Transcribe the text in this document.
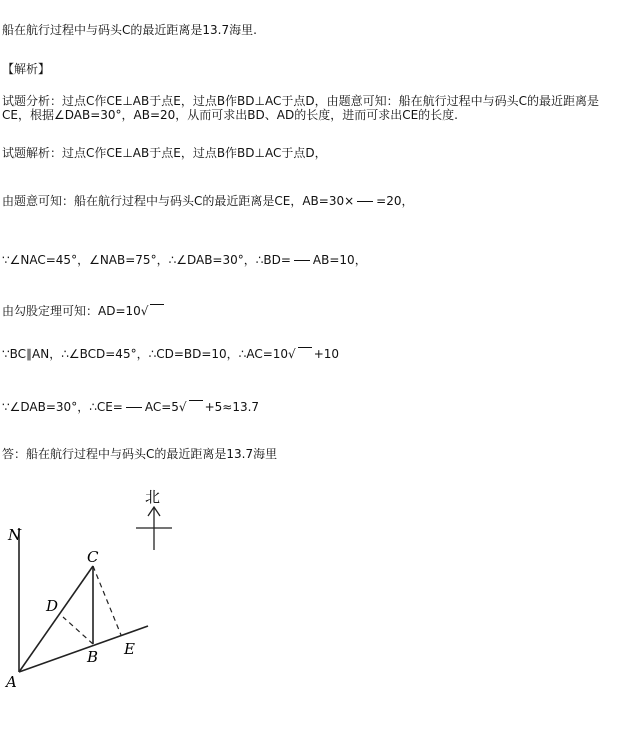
船在航行过程中与码头C的最近距离是13.7海里.
【解析】
试题分析：过点C作CE⊥AB于点E，过点B作BD⊥AC于点D，由题意可知：船在航行过程中与码头C的最近距离是CE，根据∠DAB=30°，AB=20，从而可求出BD、AD的长度，进而可求出CE的长度.
试题解析：过点C作CE⊥AB于点E，过点B作BD⊥AC于点D，
由题意可知：船在航行过程中与码头C的最近距离是CE，AB=30× =20，
∵∠NAC=45°，∠NAB=75°，∴∠DAB=30°，∴BD= AB=10，
由勾股定理可知：AD=10√
∵BC∥AN，∴∠BCD=45°，∴CD=BD=10，∴AC=10√ +10
∵∠DAB=30°，∴CE= AC=5√ +5≈13.7
答：船在航行过程中与码头C的最近距离是13.7海里
北
N
C
D
B E
A
